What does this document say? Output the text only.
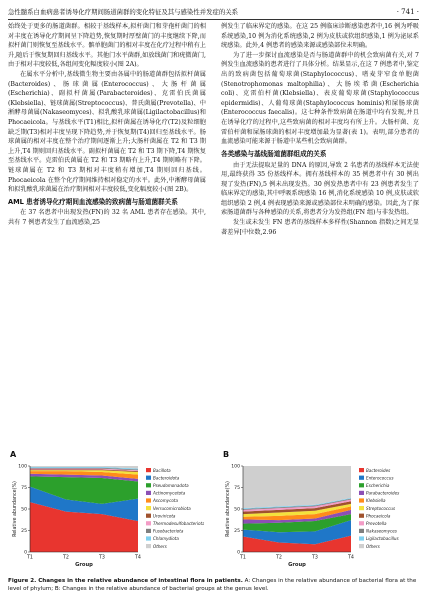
急性髓系白血病患者诱导化疗期间肠道菌群的变化特征及其与感染性并发症的关系	· 741 ·

始终处于更多的肠道菌群。相较于基线样本,拟杆菌门和芽孢杆菌门的相对丰度在诱导化疗期间呈下降趋势,恢复期时厚壁菌门的丰度继续下降,而拟杆菌门则恢复至基线水平。髌单胞菌门的相对丰度在化疗过程中稍有上升,随后于恢复期回归基线水平。其他门水平菌群,如放线菌门和疣微菌门,由于相对丰度较低,各组间变化幅度较小(图 2A)。

在属水平分析中,基线微生物主要由各属中的肠道菌群包括拟杆菌属(Bacteroides)、肠球菌属(Enterococcus)、大肠杆菌属(Escherichia)、副拟杆菌属(Parabacteroides)、克雷伯氏菌属(Klebsiella)、链球菌属(Streptococcus)、普氏菌属(Prevotella)、中淅酵母菌属(Nakaseomyces)、拟乳酸乳球菌属(Ligilactobacillus)和 Phocaeicola。与基线水平(T1)相比,拟杆菌属在诱导化疗(T2)及粒细胞缺乏期(T3)相对丰度呈现下降趋势,并于恢复期(T4)回归至基线水平。肠球菌属的相对丰度在整个治疗期间逐渐上升;大肠杆菌属在 T2 和 T3 期上升,T4 期则回归基线水平。副拟杆菌属在 T2 和 T3 期下降,T4 期恢复至基线水平。克雷伯氏菌属在 T2 和 T3 期略有上升,T4 期则略有下降。链球菌属在 T2 和 T3 期相对丰度稍有增加,T4 期则回归基线。Phocaeicola 在整个化疗期间维持相对稳定的水平。此外,中淅酵母菌属和拟乳酸乳球菌属在治疗期间相对丰度较低,变化幅度较小(图 2B)。

AML 患者诱导化疗期间血流感染的致病菌与肠道菌群关系

在 37 名患者中出现发热(FN)的 32 名 AML 患者存在感染。其中,共有 7 例患者发生了血流感染,25

例发生了临床界定的感染。在这 25 例临床诊断感染患者中,16 例为呼吸系统感染,10 例为消化系统感染,2 例为皮肤或软组织感染,1 例为泌尿系统感染。此外,4 例患者的感染来源或感染部位未明确。

为了进一步探讨血流感染是否与肠道菌群中的机会致病菌有关,对 7 例发生血流感染的患者进行了具体分析。结果显示,在这 7 例患者中,鉴定出的致病菌包括葡萄球菌(Staphylococcus)、嗜麦芽窄食单胞菌(Stenotrophomonas maltophilia)、大肠埃希菌(Escherichia coli)、克雷伯杆菌(Klebsiella)、表皮葡萄球菌(Staphylococcus epidermidis)、人葡萄球菌(Staphylococcus hominis)和屎肠球菌(Enterococcus faecalis)。这七种条件致病菌在肠道中均有发现,并且在诱导化疗的过程中,这些致病菌的相对丰度均有所上升。大肠杆菌、克雷伯杆菌和屎肠球菌的相对丰度增加最为显著(表 1)。表明,部分患者的血流感染可能来源于肠道中某些机会致病菌群。

各类感染与基线肠道菌群组成的关系

由于无法提取足量的 DNA 的原因,导致 2 名患者的基线样本无法使用,最终获得 35 份基线样本。拥有基线样本的 35 例患者中有 30 例出现了发热(FN),5 例未出现发热。30 例发热患者中有 23 例患者发生了临床界定的感染,其中呼吸系统感染 16 例,消化系统感染 10 例,皮肤或软组织感染 2 例,4 例表现感染来源或感染部位未明确的感染。因此,为了探索肠道菌群与各种感染的关系,将患者分为发热组(FN 组)与非发热组。

发生或未发生 FN 患者的基线样本多样性(Shannon 指数)之间无显著差异[中位数,2.96

A
0
25
50
75
100
T1	T2	T3	T4
Group
Relative abundance(%)
Bacillota
Bacteroidota
Pseudomonadota
Actinomycetota
Ascomycota
Verrucomicrobiota
Uroviricota
Thermodesulfobacteriota
Fusobacteriota
Chlamydiota
Others
B
0
25
50
75
100
T1	T2	T3	T4
Group
Relative abundance(%)
Bacteroides
Enterococcus
Escherichia
Parabacteroides
Klebsiella
Streptococcus
Phocaeicola
Prevotella
Nakaseomyces
Ligilactobacillus
Others
Figure 2. Changes in the relative abundance of intestinal flora in patients. A: Changes in the relative abundance of bacterial flora at the level of phylum; B: Changes in the relative abundance of bacterial groups at the genus level.
